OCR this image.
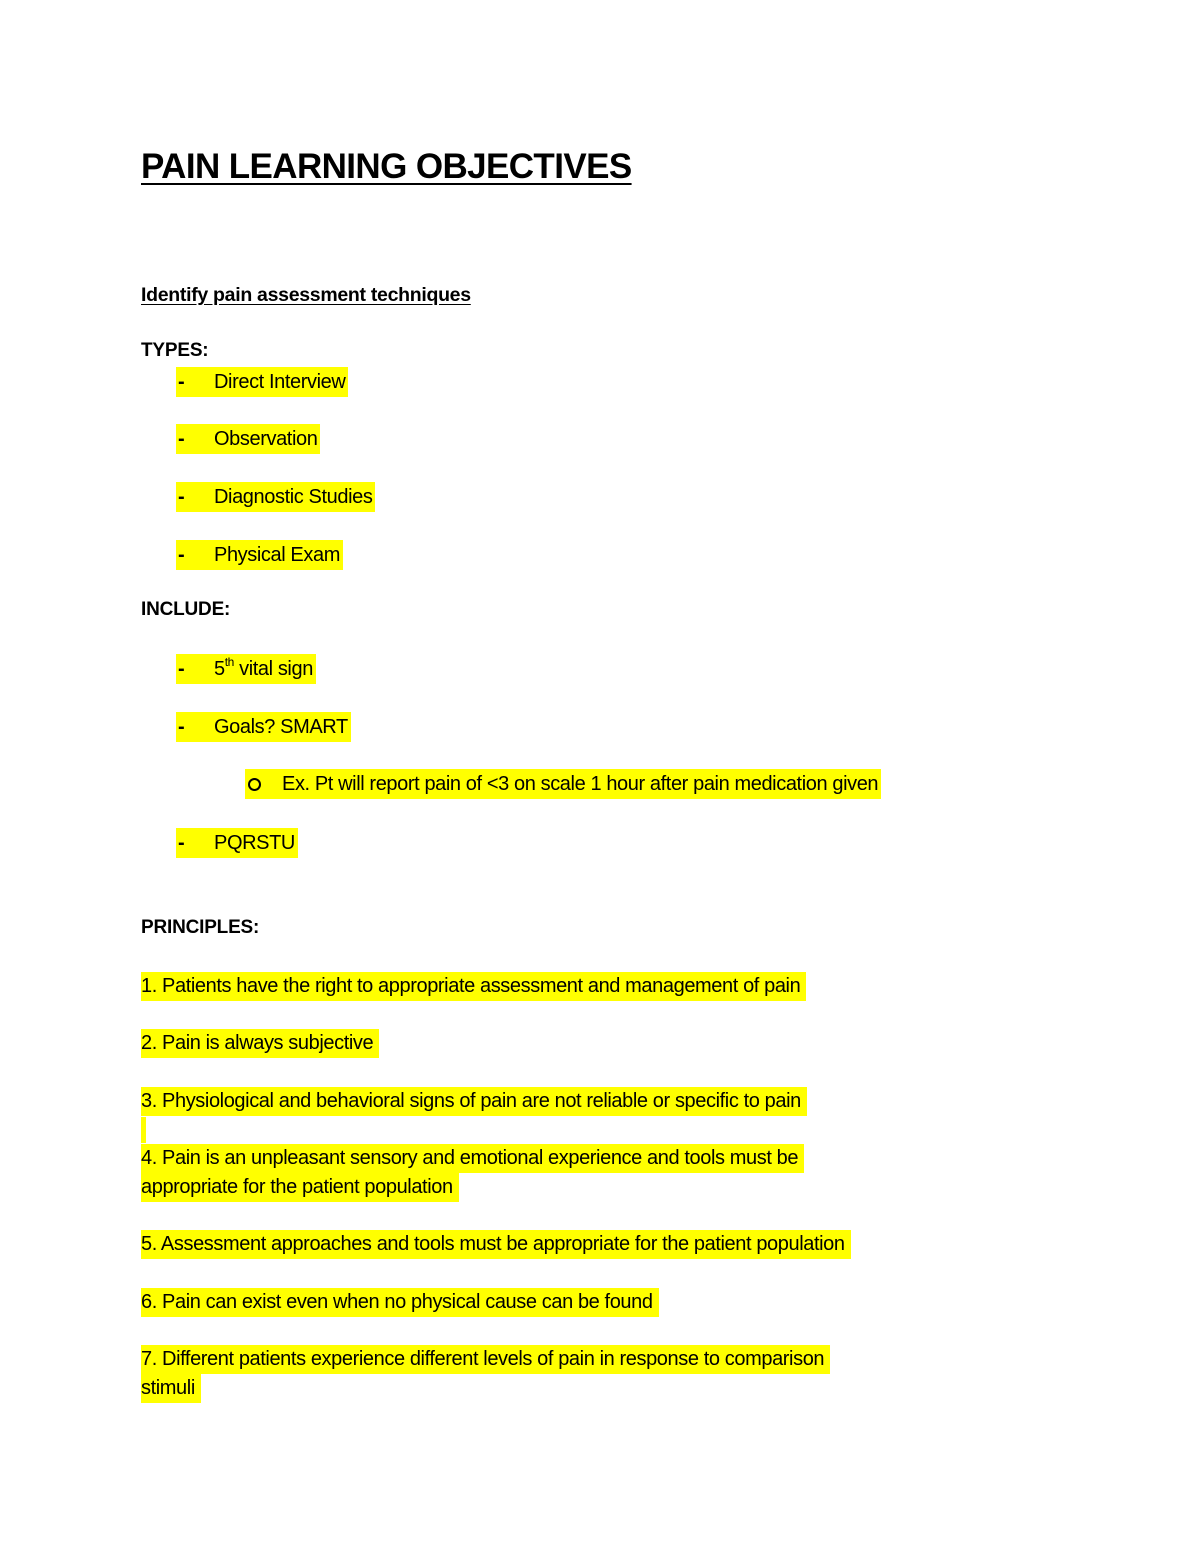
PAIN LEARNING OBJECTIVES
Identify pain assessment techniques
TYPES:
- Direct Interview
- Observation
- Diagnostic Studies
- Physical Exam
INCLUDE:
- 5th vital sign
- Goals? SMART
Ex. Pt will report pain of <3 on scale 1 hour after pain medication given
- PQRSTU
PRINCIPLES:
1. Patients have the right to appropriate assessment and management of pain
2. Pain is always subjective
3. Physiological and behavioral signs of pain are not reliable or specific to pain
4. Pain is an unpleasant sensory and emotional experience and tools must be
appropriate for the patient population
5. Assessment approaches and tools must be appropriate for the patient population
6. Pain can exist even when no physical cause can be found
7. Different patients experience different levels of pain in response to comparison
stimuli
